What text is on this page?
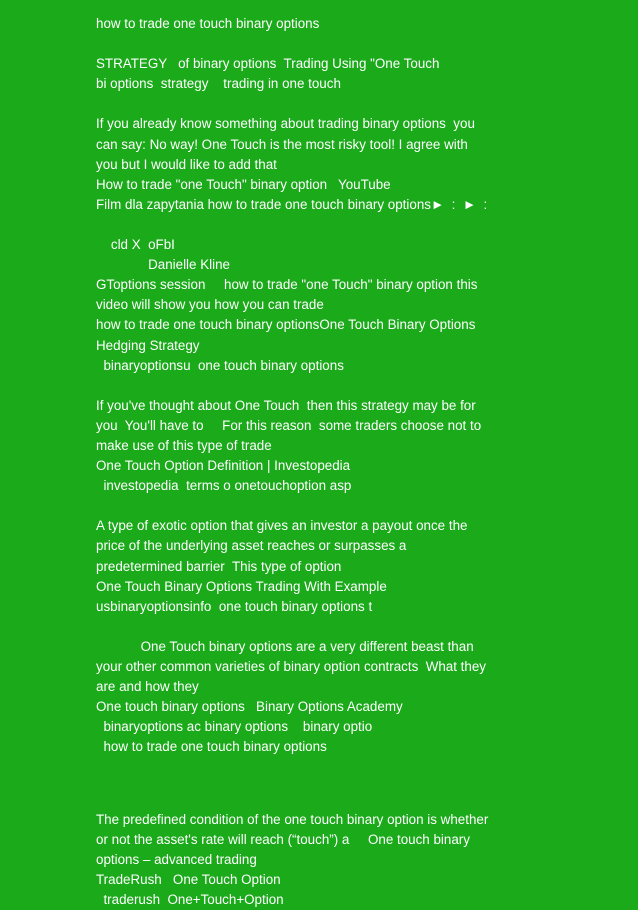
how to trade one touch binary options
STRATEGY   of binary options  Trading Using "One Touch
bi options  strategy    trading in one touch
If you already know something about trading binary options  you
can say: No way! One Touch is the most risky tool! I agree with
you but I would like to add that
How to trade "one Touch" binary option   YouTube
Film dla zapytania how to trade one touch binary options►  :  ►  :
cld X  oFbI
Danielle Kline
GToptions session     how to trade "one Touch" binary option this
video will show you how you can trade
how to trade one touch binary optionsOne Touch Binary Options
Hedging Strategy
binaryoptionsu  one touch binary options
If you've thought about One Touch  then this strategy may be for
you  You'll have to     For this reason  some traders choose not to
make use of this type of trade
One Touch Option Definition | Investopedia
investopedia  terms o onetouchoption asp
A type of exotic option that gives an investor a payout once the
price of the underlying asset reaches or surpasses a
predetermined barrier  This type of option
One Touch Binary Options Trading With Example
usbinaryoptionsinfo  one touch binary options t
One Touch binary options are a very different beast than
your other common varieties of binary option contracts  What they
are and how they
One touch binary options   Binary Options Academy
binaryoptions ac binary options    binary optio
how to trade one touch binary options
The predefined condition of the one touch binary option is whether
or not the asset's rate will reach (“touch”) a     One touch binary
options – advanced trading
TradeRush   One Touch Option
traderush  One+Touch+Option
